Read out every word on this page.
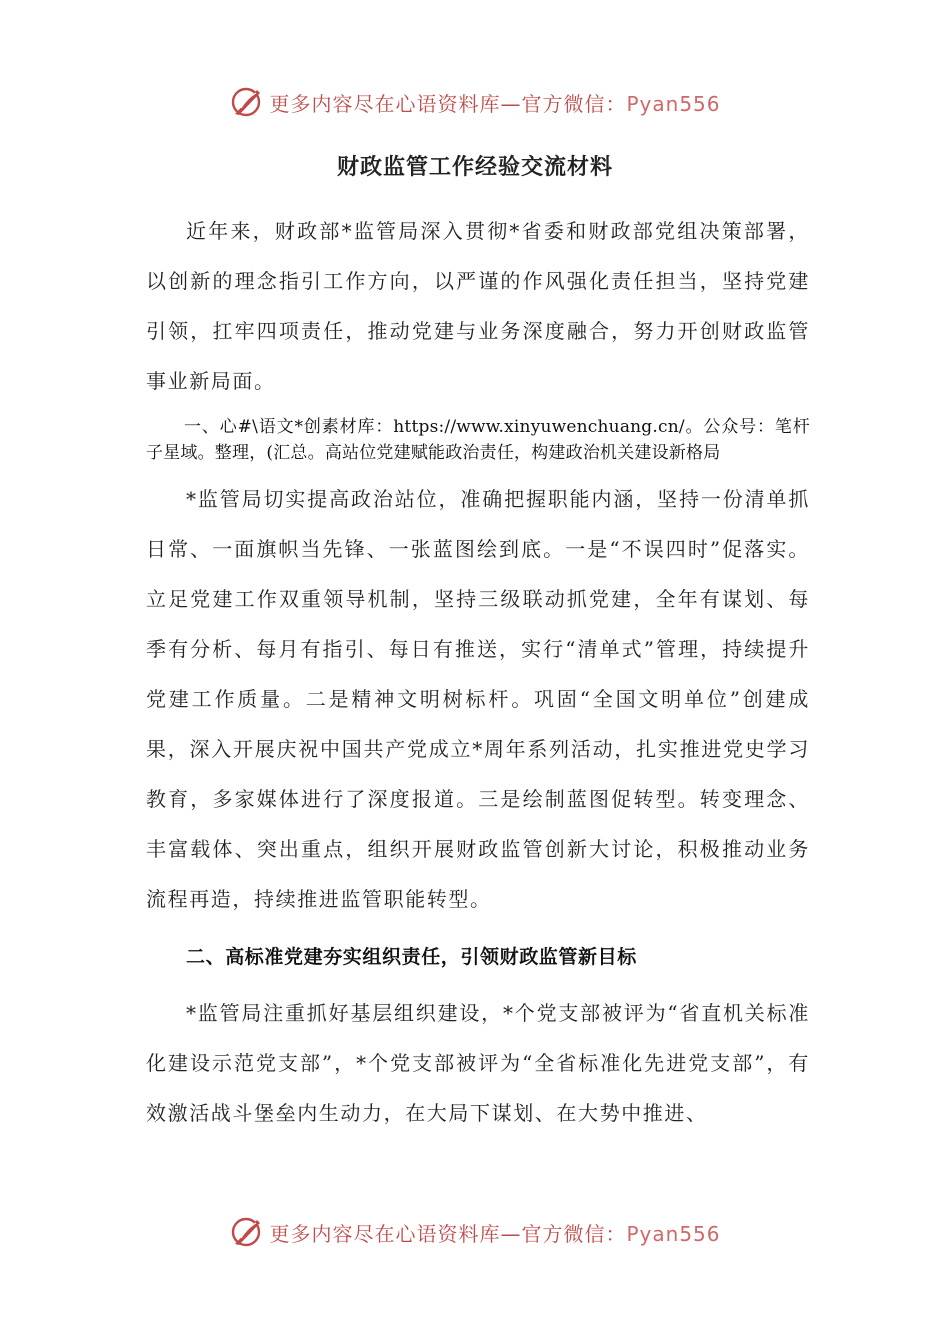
更多内容尽在心语资料库—官方微信：Pyan556
财政监管工作经验交流材料

近年来，财政部*监管局深入贯彻*省委和财政部党组决策部署，以创新的理念指引工作方向，以严谨的作风强化责任担当，坚持党建引领，扛牢四项责任，推动党建与业务深度融合，努力开创财政监管事业新局面。

一、心#\语文*创素材库：https://www.xinyuwenchuang.cn/。公众号：笔杆子星域。整理，(汇总。高站位党建赋能政治责任，构建政治机关建设新格局

*监管局切实提高政治站位，准确把握职能内涵，坚持一份清单抓日常、一面旗帜当先锋、一张蓝图绘到底。一是“不误四时”促落实。立足党建工作双重领导机制，坚持三级联动抓党建，全年有谋划、每季有分析、每月有指引、每日有推送，实行“清单式”管理，持续提升党建工作质量。二是精神文明树标杆。巩固“全国文明单位”创建成果，深入开展庆祝中国共产党成立*周年系列活动，扎实推进党史学习教育，多家媒体进行了深度报道。三是绘制蓝图促转型。转变理念、丰富载体、突出重点，组织开展财政监管创新大讨论，积极推动业务流程再造，持续推进监管职能转型。

二、高标准党建夯实组织责任，引领财政监管新目标

*监管局注重抓好基层组织建设，*个党支部被评为“省直机关标准化建设示范党支部”，*个党支部被评为“全省标准化先进党支部”，有效激活战斗堡垒内生动力，在大局下谋划、在大势中推进、

更多内容尽在心语资料库—官方微信：Pyan556
